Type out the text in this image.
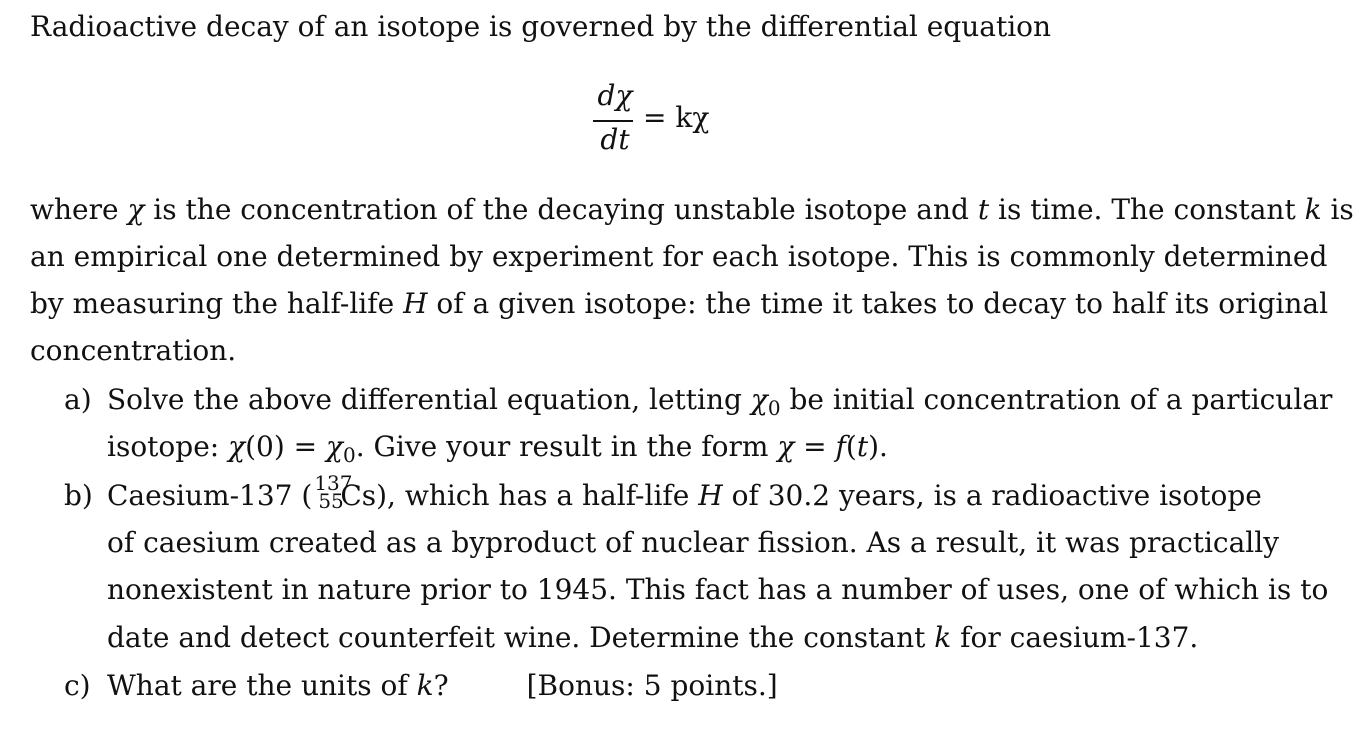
Radioactive decay of an isotope is governed by the differential equation
dχ
dt
= kχ
where χ is the concentration of the decaying unstable isotope and t is time. The constant k is
an empirical one determined by experiment for each isotope. This is commonly determined
by measuring the half-life H of a given isotope: the time it takes to decay to half its original
concentration.
a) Solve the above differential equation, letting $\chi_0$ be initial concentration of a particular
isotope: $\chi(0) = \chi_0$. Give your result in the form χ = f(t).
b) Caesium-137 ( 137
55
Cs), which has a half-life H of 30.2 years, is a radioactive isotope
of caesium created as a byproduct of nuclear fission. As a result, it was practically
nonexistent in nature prior to 1945. This fact has a number of uses, one of which is to
date and detect counterfeit wine. Determine the constant k for caesium-137.
c) What are the units of k?	[Bonus: 5 points.]
